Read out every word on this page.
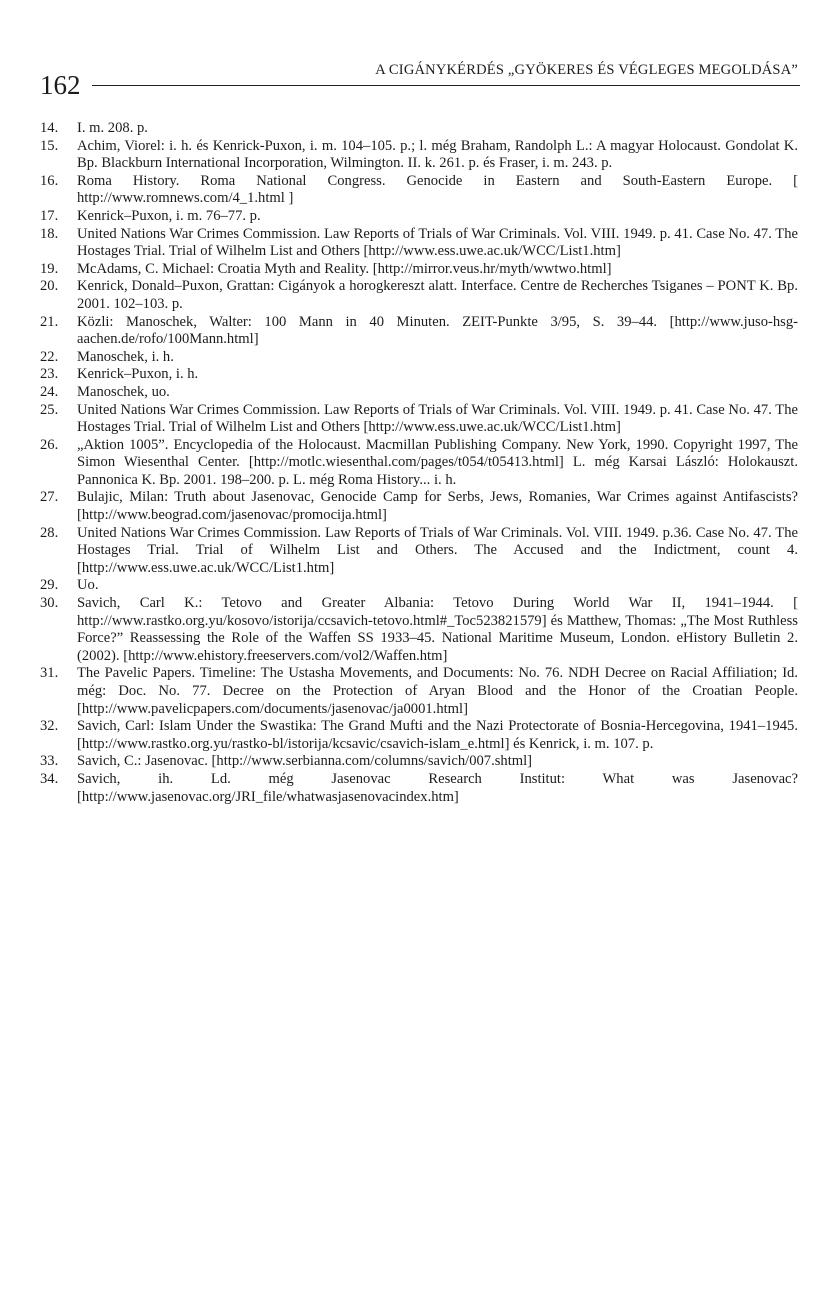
162	A CIGÁNYKÉRDÉS „GYÖKERES ÉS VÉGLEGES MEGOLDÁSA”
14.	I. m. 208. p.
15.	Achim, Viorel: i. h. és Kenrick-Puxon, i. m. 104–105. p.; l. még Braham, Randolph L.: A magyar Holocaust. Gondolat K. Bp. Blackburn International Incorporation, Wilmington. II. k. 261. p. és Fraser, i. m. 243. p.
16.	Roma History. Roma National Congress. Genocide in Eastern and South-Eastern Europe. [ http://www.romnews.com/4_1.html ]
17.	Kenrick–Puxon, i. m. 76–77. p.
18.	United Nations War Crimes Commission. Law Reports of Trials of War Criminals. Vol. VIII. 1949. p. 41. Case No. 47. The Hostages Trial. Trial of Wilhelm List and Others [http://www.ess.uwe.ac.uk/WCC/List1.htm]
19.	McAdams, C. Michael: Croatia Myth and Reality. [http://mirror.veus.hr/myth/wwtwo.html]
20.	Kenrick, Donald–Puxon, Grattan: Cigányok a horogkereszt alatt. Interface. Centre de Recherches Tsiganes – PONT K. Bp. 2001. 102–103. p.
21.	Közli: Manoschek, Walter: 100 Mann in 40 Minuten. ZEIT-Punkte 3/95, S. 39–44. [http://www.juso-hsg-aachen.de/rofo/100Mann.html]
22.	Manoschek, i. h.
23.	Kenrick–Puxon, i. h.
24.	Manoschek, uo.
25.	United Nations War Crimes Commission. Law Reports of Trials of War Criminals. Vol. VIII. 1949. p. 41. Case No. 47. The Hostages Trial. Trial of Wilhelm List and Others [http://www.ess.uwe.ac.uk/WCC/List1.htm]
26.	„Aktion 1005”. Encyclopedia of the Holocaust. Macmillan Publishing Company. New York, 1990. Copyright 1997, The Simon Wiesenthal Center. [http://motlc.wiesenthal.com/pages/t054/t05413.html] L. még Karsai László: Holokauszt. Pannonica K. Bp. 2001. 198–200. p. L. még Roma History... i. h.
27.	Bulajic, Milan: Truth about Jasenovac, Genocide Camp for Serbs, Jews, Romanies, War Crimes against Antifascists? [http://www.beograd.com/jasenovac/promocija.html]
28.	United Nations War Crimes Commission. Law Reports of Trials of War Criminals. Vol. VIII. 1949. p.36. Case No. 47. The Hostages Trial. Trial of Wilhelm List and Others. The Accused and the Indictment, count 4. [http://www.ess.uwe.ac.uk/WCC/List1.htm]
29.	Uo.
30.	Savich, Carl K.: Tetovo and Greater Albania: Tetovo During World War II, 1941–1944. [ http://www.rastko.org.yu/kosovo/istorija/ccsavich-tetovo.html#_Toc523821579] és Matthew, Thomas: „The Most Ruthless Force?” Reassessing the Role of the Waffen SS 1933–45. National Maritime Museum, London. eHistory Bulletin 2. (2002). [http://www.ehistory.freeservers.com/vol2/Waffen.htm]
31.	The Pavelic Papers. Timeline: The Ustasha Movements, and Documents: No. 76. NDH Decree on Racial Affiliation; Id. még: Doc. No. 77. Decree on the Protection of Aryan Blood and the Honor of the Croatian People. [http://www.pavelicpapers.com/documents/jasenovac/ja0001.html]
32.	Savich, Carl: Islam Under the Swastika: The Grand Mufti and the Nazi Protectorate of Bosnia-Hercegovina, 1941–1945. [http://www.rastko.org.yu/rastko-bl/istorija/kcsavic/csavich-islam_e.html] és Kenrick, i. m. 107. p.
33.	Savich, C.: Jasenovac. [http://www.serbianna.com/columns/savich/007.shtml]
34.	Savich, ih. Ld. még Jasenovac Research Institut: What was Jasenovac? [http://www.jasenovac.org/JRI_file/whatwasjasenovacindex.htm]
